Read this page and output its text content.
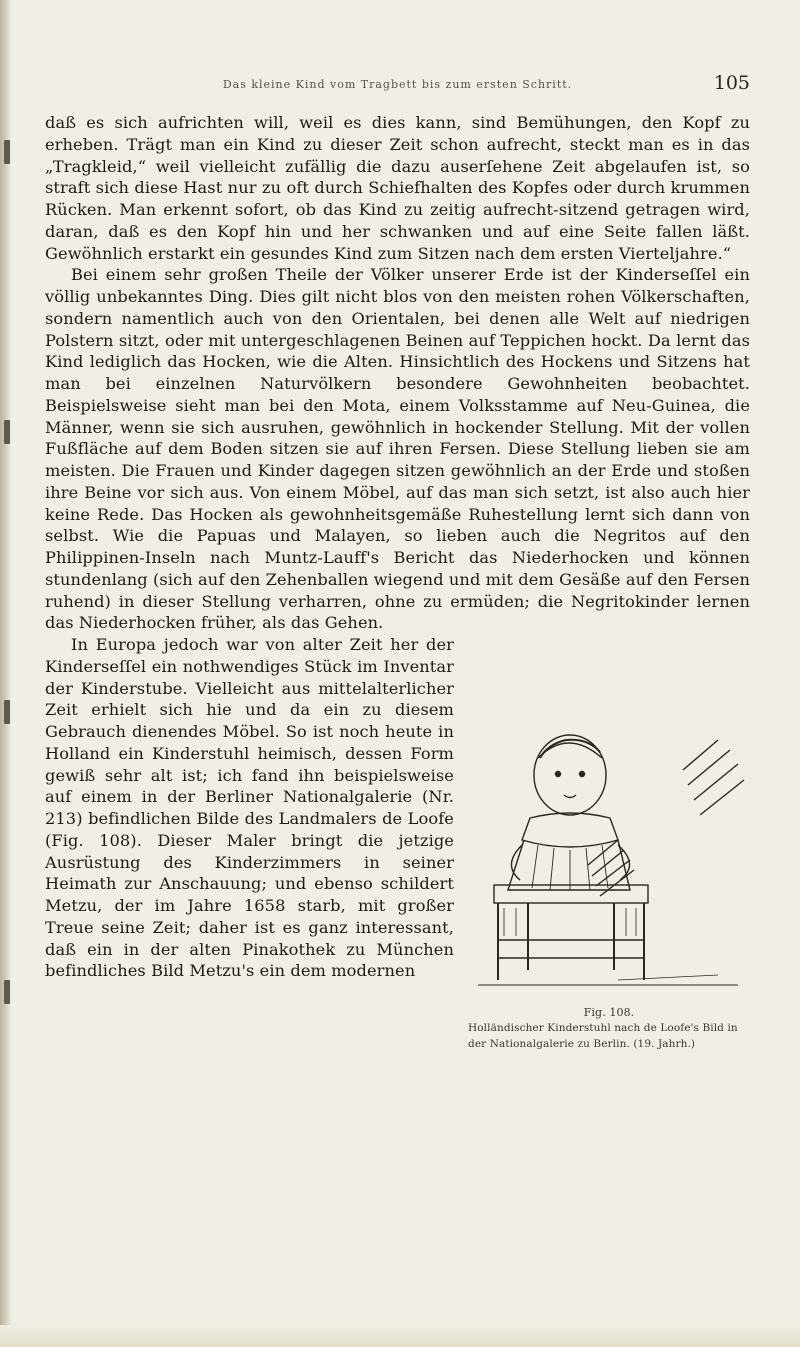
Das kleine Kind vom Tragbett bis zum ersten Schritt.	105

daß es sich aufrichten will, weil es dies kann, sind Bemühungen, den Kopf zu erheben. Trägt man ein Kind zu dieser Zeit schon aufrecht, steckt man es in das „Tragkleid,“ weil vielleicht zufällig die dazu auserſehene Zeit abgelaufen ist, so straft sich diese Hast nur zu oft durch Schiefhalten des Kopfes oder durch krummen Rücken. Man erkennt sofort, ob das Kind zu zeitig aufrecht-sitzend getragen wird, daran, daß es den Kopf hin und her schwanken und auf eine Seite fallen läßt. Gewöhnlich erstarkt ein gesundes Kind zum Sitzen nach dem ersten Vierteljahre.“

Bei einem sehr großen Theile der Völker unserer Erde ist der Kinderseſſel ein völlig unbekanntes Ding. Dies gilt nicht blos von den meisten rohen Völkerschaften, sondern namentlich auch von den Orientalen, bei denen alle Welt auf niedrigen Polstern sitzt, oder mit untergeschlagenen Beinen auf Teppichen hockt. Da lernt das Kind lediglich das Hocken, wie die Alten. Hinsichtlich des Hockens und Sitzens hat man bei einzelnen Naturvölkern besondere Gewohnheiten beobachtet. Beispielsweise sieht man bei den Mota, einem Volksstamme auf Neu-Guinea, die Männer, wenn sie sich ausruhen, gewöhnlich in hockender Stellung. Mit der vollen Fußfläche auf dem Boden sitzen sie auf ihren Fersen. Diese Stellung lieben sie am meisten. Die Frauen und Kinder dagegen sitzen gewöhnlich an der Erde und stoßen ihre Beine vor sich aus. Von einem Möbel, auf das man sich setzt, ist also auch hier keine Rede. Das Hocken als gewohnheitsgemäße Ruhestellung lernt sich dann von selbst. Wie die Papuas und Malayen, so lieben auch die Negritos auf den Philippinen-Inseln nach Muntz-Lauff's Bericht das Niederhocken und können stundenlang (sich auf den Zehenballen wiegend und mit dem Gesäße auf den Fersen ruhend) in dieser Stellung verharren, ohne zu ermüden; die Negritokinder lernen das Niederhocken früher, als das Gehen.

Fig. 108.
Holländischer Kinderstuhl nach de Loofe's Bild in der Nationalgalerie zu Berlin. (19. Jahrh.)

In Europa jedoch war von alter Zeit her der Kinderseſſel ein nothwendiges Stück im Inventar der Kinderstube. Vielleicht aus mittelalterlicher Zeit erhielt sich hie und da ein zu diesem Gebrauch dienendes Möbel. So ist noch heute in Holland ein Kinderstuhl heimisch, dessen Form gewiß sehr alt ist; ich fand ihn beispielsweise auf einem in der Berliner Nationalgalerie (Nr. 213) befindlichen Bilde des Landmalers de Loofe (Fig. 108). Dieser Maler bringt die jetzige Ausrüstung des Kinderzimmers in seiner Heimath zur Anschauung; und ebenso schildert Metzu, der im Jahre 1658 starb, mit großer Treue seine Zeit; daher ist es ganz interessant, daß ein in der alten Pinakothek zu München befindliches Bild Metzu's ein dem modernen
